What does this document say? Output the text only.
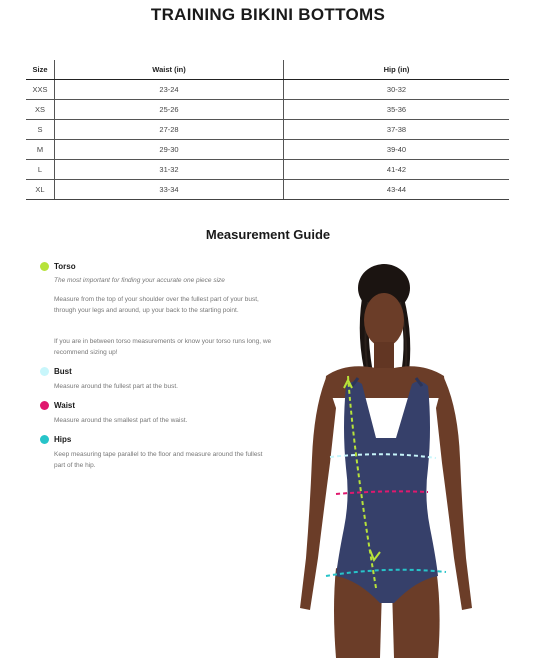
TRAINING BIKINI BOTTOMS
Size	Waist (in)	Hip (in)
XXS	23-24	30-32
XS	25-26	35-36
S	27-28	37-38
M	29-30	39-40
L	31-32	41-42
XL	33-34	43-44
Measurement Guide
Torso
The most important for finding your accurate one piece size
Measure from the top of your shoulder over the fullest part of your bust, through your legs and around, up your back to the starting point.
If you are in between torso measurements or know your torso runs long, we recommend sizing up!
Bust
Measure around the fullest part at the bust.
Waist
Measure around the smallest part of the waist.
Hips
Keep measuring tape parallel to the floor and measure around the fullest part of the hip.
